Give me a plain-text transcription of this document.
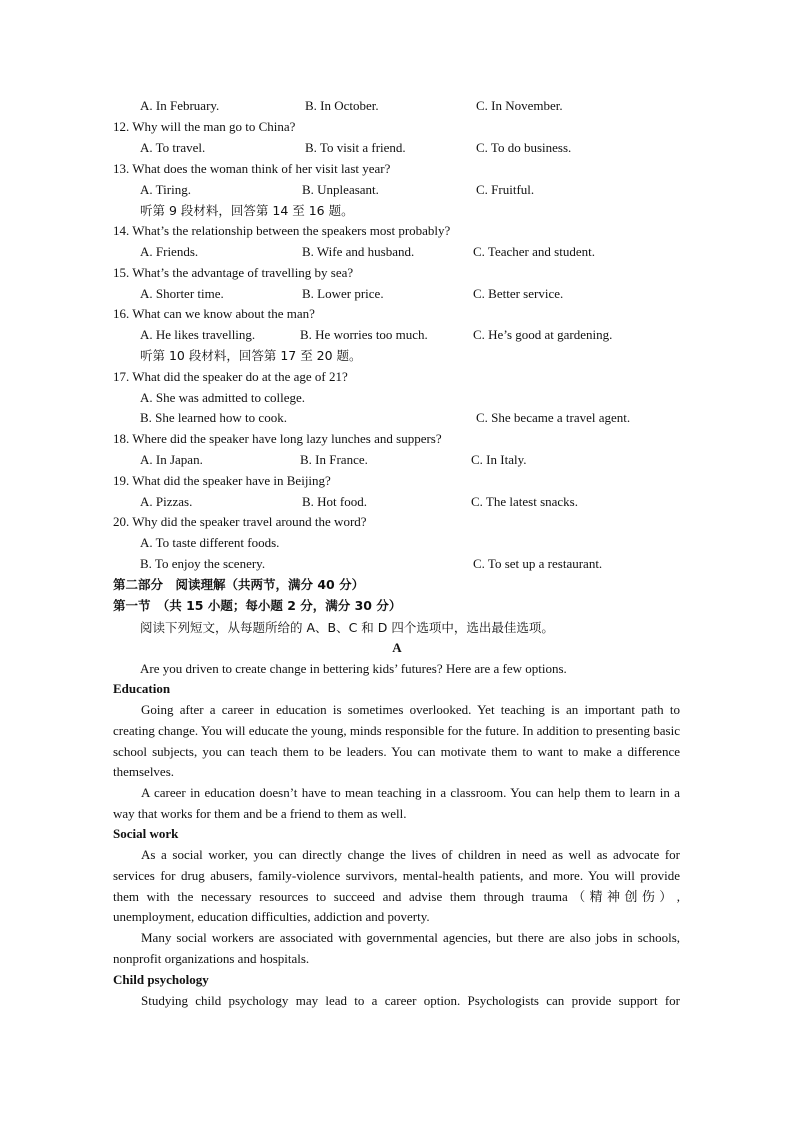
A. In February.	B. In October.	C. In November.
12. Why will the man go to China?
A. To travel.	B. To visit a friend.	C. To do business.
13. What does the woman think of her visit last year?
A. Tiring.	B. Unpleasant.	C. Fruitful.
听第 9 段材料，回答第 14 至 16 题。
14. What’s the relationship between the speakers most probably?
A. Friends.	B. Wife and husband.	C. Teacher and student.
15. What’s the advantage of travelling by sea?
A. Shorter time.	B. Lower price.	C. Better service.
16. What can we know about the man?
A. He likes travelling.	B. He worries too much.	C. He’s good at gardening.
听第 10 段材料，回答第 17 至 20 题。
17. What did the speaker do at the age of 21?
A. She was admitted to college.
B. She learned how to cook.	C. She became a travel agent.
18. Where did the speaker have long lazy lunches and suppers?
A. In Japan.	B. In France.	C. In Italy.
19. What did the speaker have in Beijing?
A. Pizzas.	B. Hot food.	C. The latest snacks.
20. Why did the speaker travel around the word?
A. To taste different foods.
B. To enjoy the scenery.	C. To set up a restaurant.
第二部分　阅读理解（共两节，满分 40 分）
第一节　（共 15 小题；每小题 2 分，满分 30 分）
阅读下列短文，从每题所给的 A、B、C 和 D 四个选项中，选出最佳选项。
A
Are you driven to create change in bettering kids’ futures? Here are a few options.
Education
Going after a career in education is sometimes overlooked. Yet teaching is an important path to creating change. You will educate the young, minds responsible for the future. In addition to presenting basic school subjects, you can teach them to be leaders. You can motivate them to want to make a difference themselves.
A career in education doesn’t have to mean teaching in a classroom. You can help them to learn in a way that works for them and be a friend to them as well.
Social work
As a social worker, you can directly change the lives of children in need as well as advocate for services for drug abusers, family-violence survivors, mental-health patients, and more. You will provide them with the necessary resources to succeed and advise them through trauma（精神创伤）, unemployment, education difficulties, addiction and poverty.
Many social workers are associated with governmental agencies, but there are also jobs in schools, nonprofit organizations and hospitals.
Child psychology
Studying child psychology may lead to a career option. Psychologists can provide support for
